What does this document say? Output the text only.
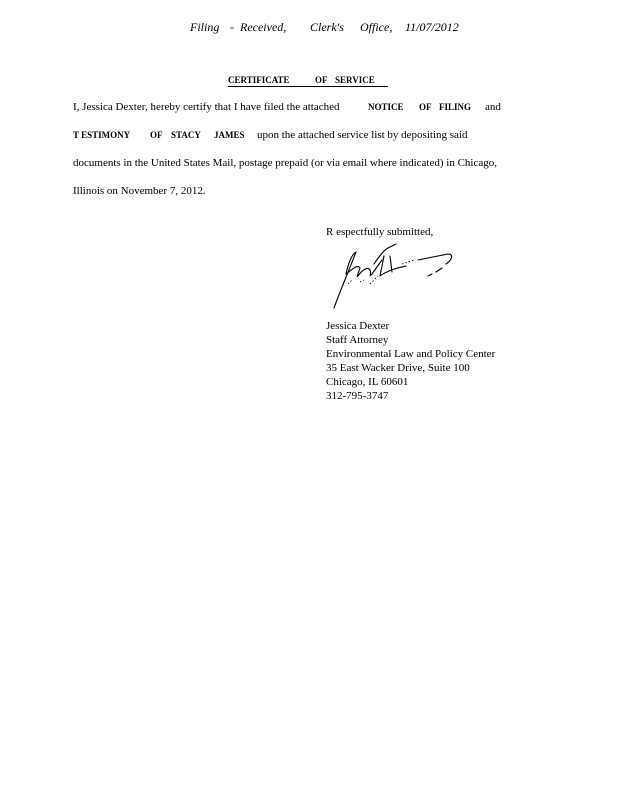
Filing - Received, Clerk's Office, 11/07/2012
CERTIFICATE	OF SERVICE

I, Jessica Dexter, hereby certify that I have filed the attached	NOTICE OF FILING and
T ESTIMONY OF STACY JAMES upon the attached service list by depositing said
documents in the United States Mail, postage prepaid (or via email where indicated) in Chicago,
Illinois on November 7, 2012.
R espectfully submitted,
Jessica Dexter
Staff Attorney
Environmental Law and Policy Center
35 East Wacker Drive, Suite 100
Chicago, IL 60601
312-795-3747
